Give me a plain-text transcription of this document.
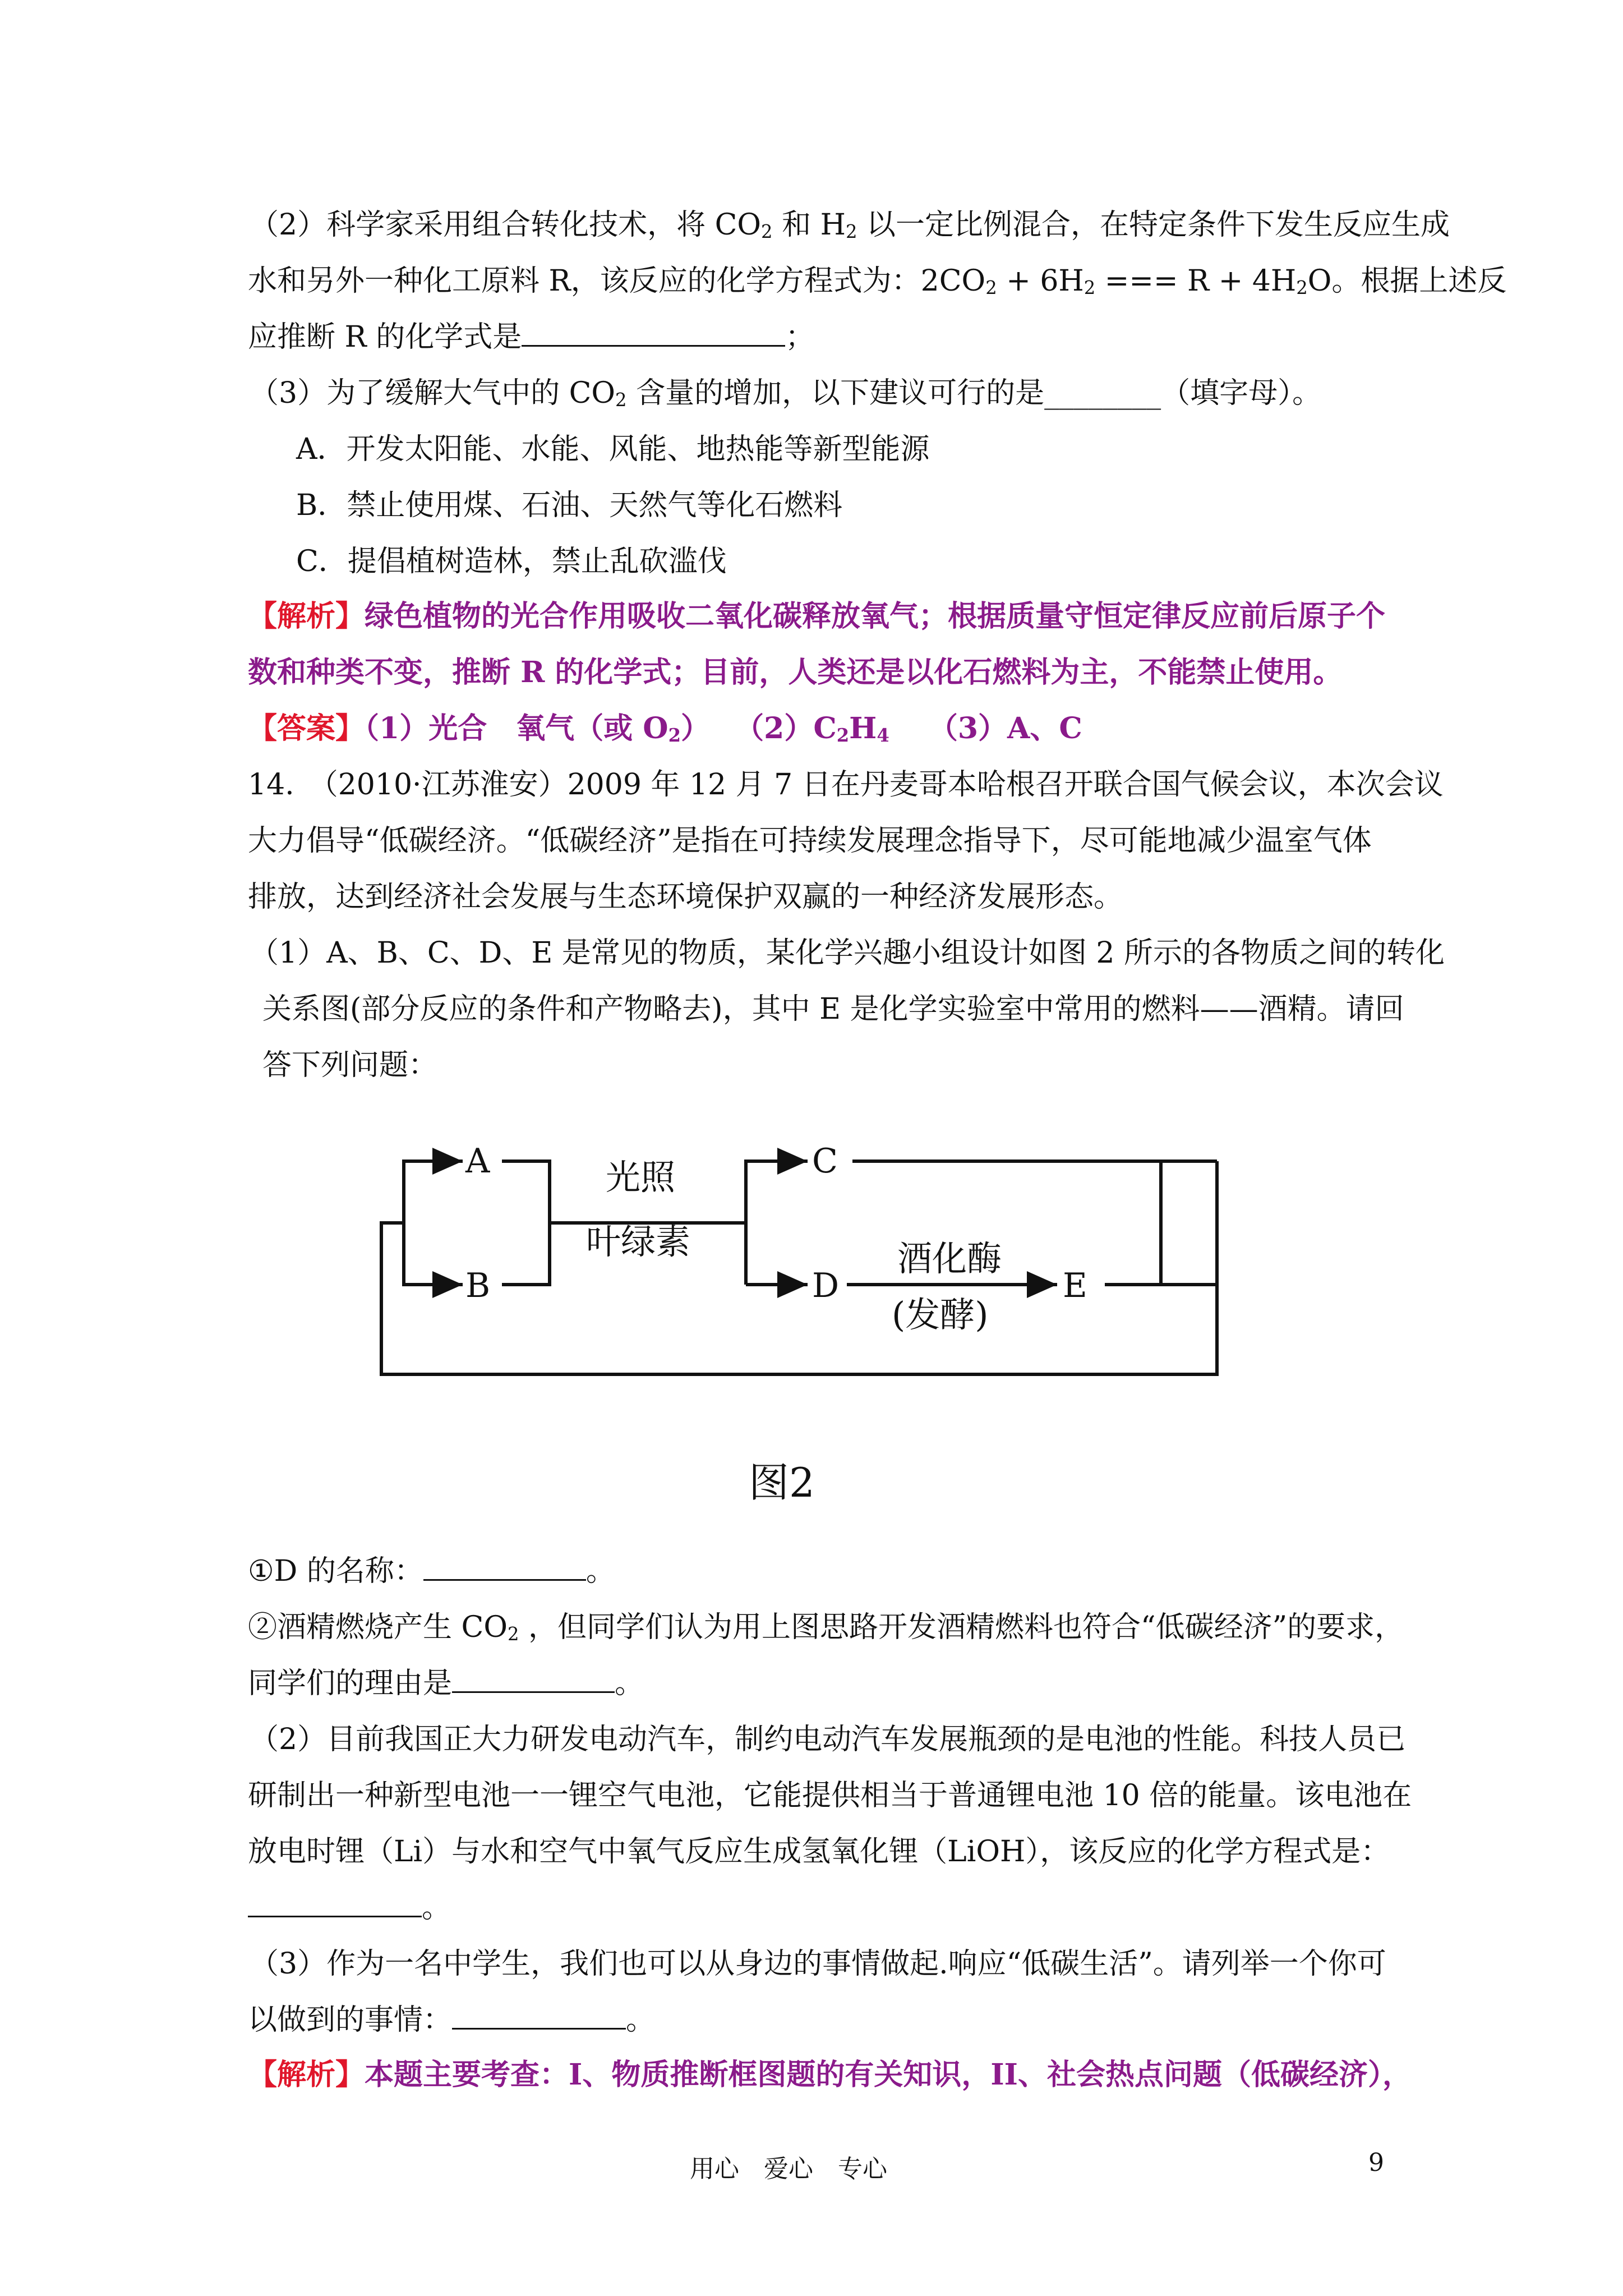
（2）科学家采用组合转化技术，将 $CO_2$ 和 $H_2$ 以一定比例混合，在特定条件下发生反应生成
水和另外一种化工原料 R，该反应的化学方程式为：$2CO_2 + 6H_2$ === $R + 4H_2O$。根据上述反
应推断 R 的化学式是	；
（3）为了缓解大气中的 $CO_2$ 含量的增加，以下建议可行的是________（填字母）。
A．开发太阳能、水能、风能、地热能等新型能源
B．禁止使用煤、石油、天然气等化石燃料
C．提倡植树造林，禁止乱砍滥伐
【解析】绿色植物的光合作用吸收二氧化碳释放氧气；根据质量守恒定律反应前后原子个
数和种类不变，推断 R 的化学式；目前，人类还是以化石燃料为主，不能禁止使用。
【答案】（1）光合　氧气（或 $O_2$）　 $(2)C_2H_4$　 （3）A、C
14.　（2010·江苏淮安）2009 年 12 月 7 日在丹麦哥本哈根召开联合国气候会议，本次会议
大力倡导“低碳经济。“低碳经济”是指在可持续发展理念指导下，尽可能地减少温室气体
排放，达到经济社会发展与生态环境保护双赢的一种经济发展形态。
（1）A、B、C、D、E 是常见的物质，某化学兴趣小组设计如图 2 所示的各物质之间的转化
关系图(部分反应的条件和产物略去)，其中 E 是化学实验室中常用的燃料——酒精。请回
答下列问题：
A
B
C
D	E
光照
叶绿素	酒化酶
(发酵)
图2
①D 的名称：	。
②酒精燃烧产生 $CO_2$ ，但同学们认为用上图思路开发酒精燃料也符合“低碳经济”的要求，
同学们的理由是	。
（2）目前我国正大力研发电动汽车，制约电动汽车发展瓶颈的是电池的性能。科技人员已
研制出一种新型电池一一锂空气电池，它能提供相当于普通锂电池 10 倍的能量。该电池在
放电时锂（Li）与水和空气中氧气反应生成氢氧化锂（LiOH），该反应的化学方程式是：
。
（3）作为一名中学生，我们也可以从身边的事情做起.响应“低碳生活”。请列举一个你可
以做到的事情：	。
【解析】本题主要考查：I、物质推断框图题的有关知识，II、社会热点问题（低碳经济），
用心　爱心　专心	9
